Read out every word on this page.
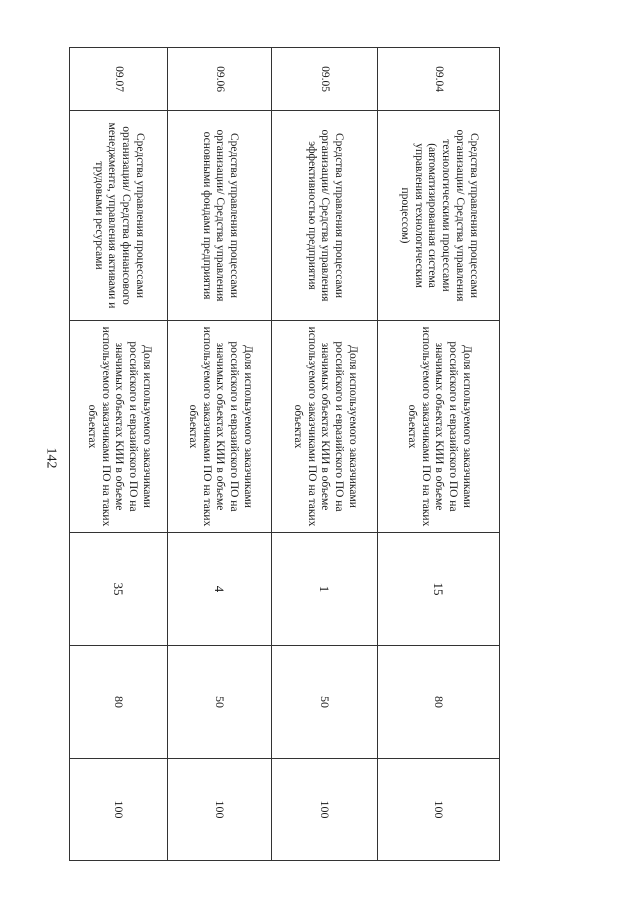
142
09.04	Средства управления процессами организации/ Средства управления технологическими процессами (автоматизированная система управления технологическим процессом)	Доля используемого заказчиками российского и евразийского ПО на значимых объектах КИИ в объеме используемого заказчиками ПО на таких объектах	15	80	100
09.05	Средства управления процессами организации/ Средства управления эффективностью предприятия	Доля используемого заказчиками российского и евразийского ПО на значимых объектах КИИ в объеме используемого заказчиками ПО на таких объектах	1	50	100
09.06	Средства управления процессами организации/ Средства управления основными фондами предприятия	Доля используемого заказчиками российского и евразийского ПО на значимых объектах КИИ в объеме используемого заказчиками ПО на таких объектах	4	50	100
09.07	Средства управления процессами организации/ Средства финансового менеджмента, управления активами и трудовыми ресурсами	Доля используемого заказчиками российского и евразийского ПО на значимых объектах КИИ в объеме используемого заказчиками ПО на таких объектах	35	80	100
